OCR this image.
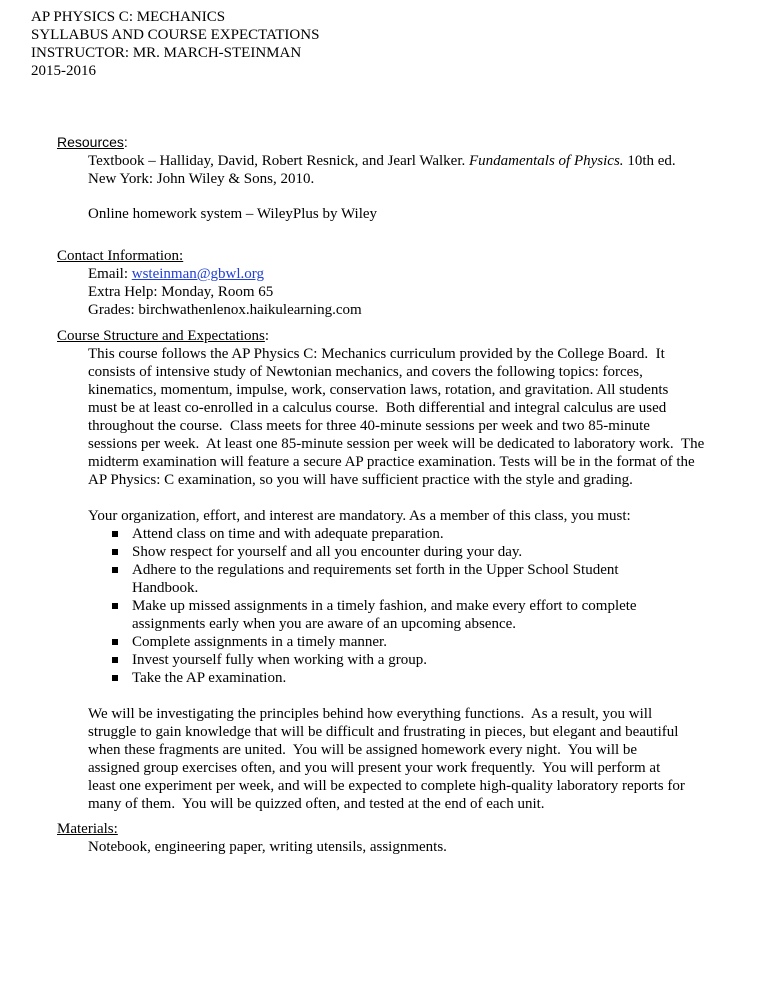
AP PHYSICS C: MECHANICS
SYLLABUS AND COURSE EXPECTATIONS
INSTRUCTOR: MR. MARCH-STEINMAN
2015-2016
Resources:
Textbook – Halliday, David, Robert Resnick, and Jearl Walker. Fundamentals of Physics. 10th ed.
New York: John Wiley & Sons, 2010.
Online homework system – WileyPlus by Wiley
Contact Information:
Email: wsteinman@gbwl.org
Extra Help: Monday, Room 65
Grades: birchwathenlenox.haikulearning.com
Course Structure and Expectations:
This course follows the AP Physics C: Mechanics curriculum provided by the College Board.  It
consists of intensive study of Newtonian mechanics, and covers the following topics: forces,
kinematics, momentum, impulse, work, conservation laws, rotation, and gravitation. All students
must be at least co-enrolled in a calculus course.  Both differential and integral calculus are used
throughout the course.  Class meets for three 40-minute sessions per week and two 85-minute
sessions per week.  At least one 85-minute session per week will be dedicated to laboratory work.  The
midterm examination will feature a secure AP practice examination. Tests will be in the format of the
AP Physics: C examination, so you will have sufficient practice with the style and grading.
Your organization, effort, and interest are mandatory. As a member of this class, you must:
Attend class on time and with adequate preparation.
Show respect for yourself and all you encounter during your day.
Adhere to the regulations and requirements set forth in the Upper School Student
Handbook.
Make up missed assignments in a timely fashion, and make every effort to complete
assignments early when you are aware of an upcoming absence.
Complete assignments in a timely manner.
Invest yourself fully when working with a group.
Take the AP examination.
We will be investigating the principles behind how everything functions.  As a result, you will
struggle to gain knowledge that will be difficult and frustrating in pieces, but elegant and beautiful
when these fragments are united.  You will be assigned homework every night.  You will be
assigned group exercises often, and you will present your work frequently.  You will perform at
least one experiment per week, and will be expected to complete high-quality laboratory reports for
many of them.  You will be quizzed often, and tested at the end of each unit.
Materials:
Notebook, engineering paper, writing utensils, assignments.
